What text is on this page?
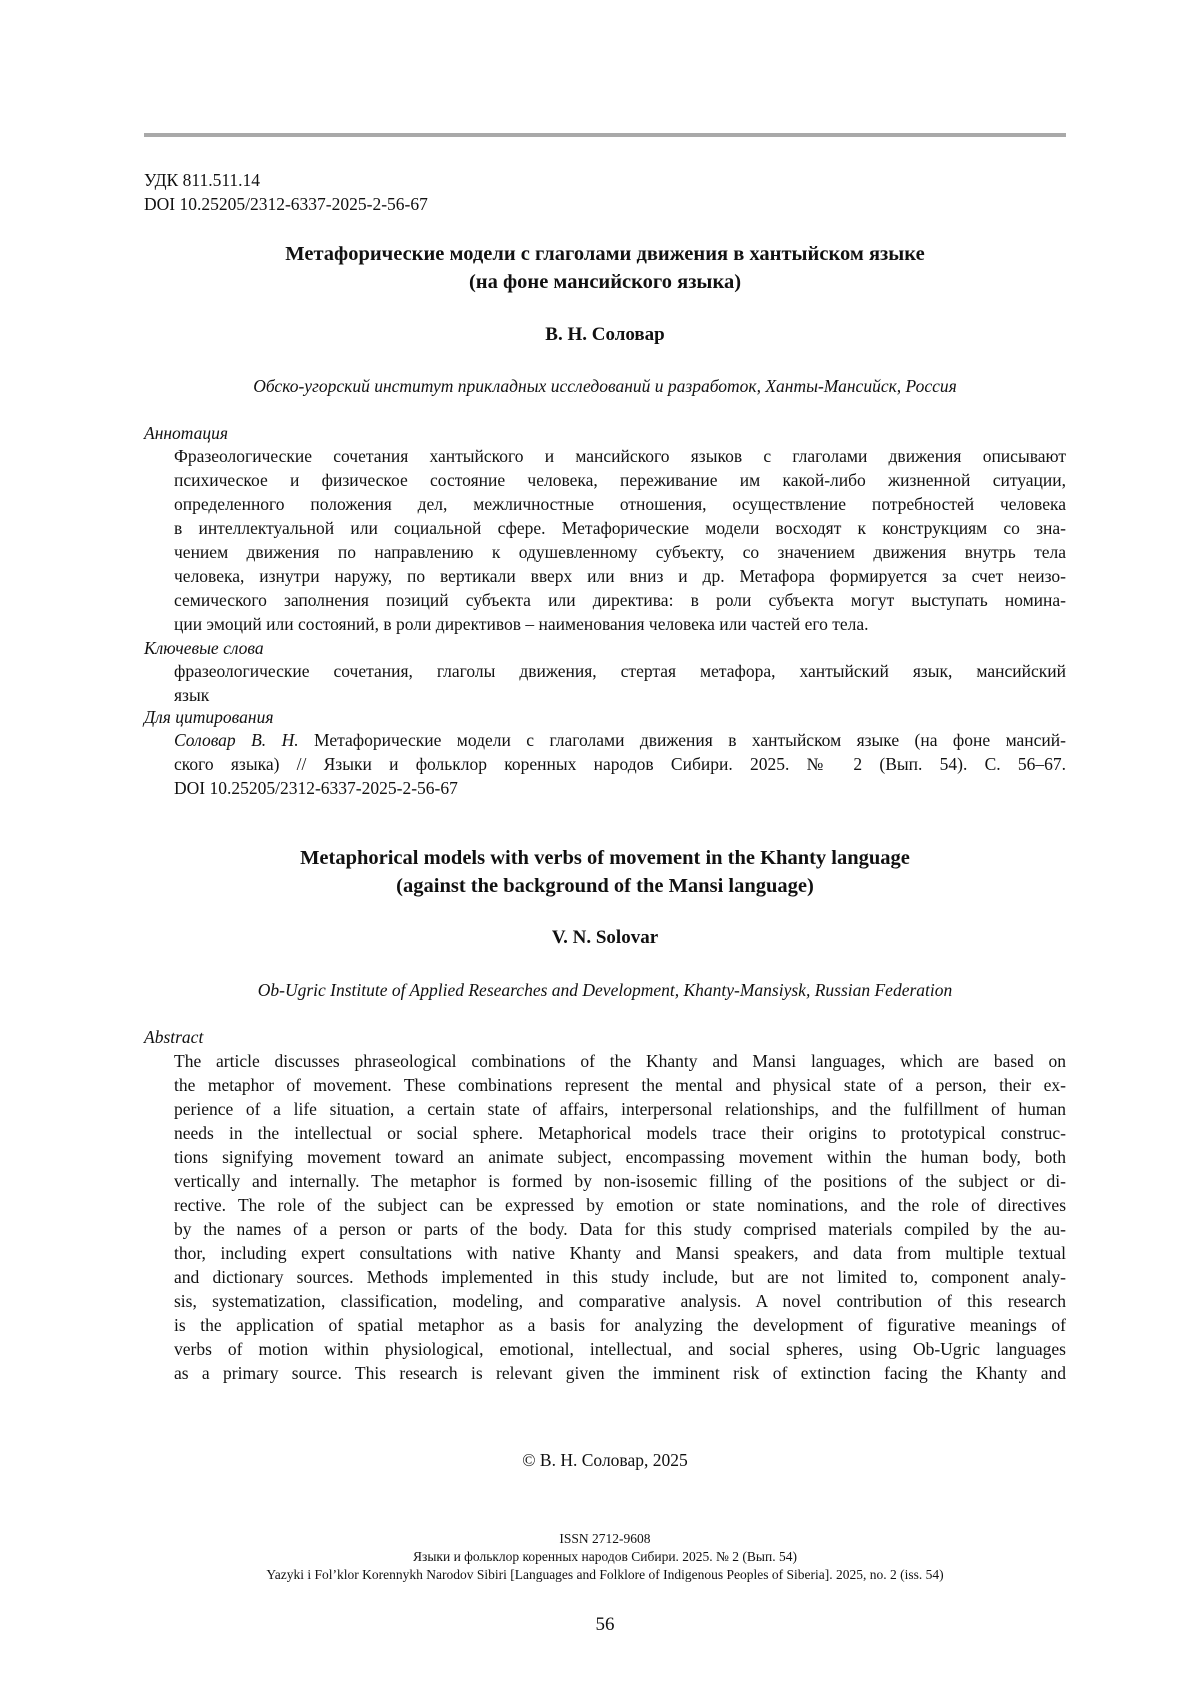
УДК 811.511.14
DOI 10.25205/2312-6337-2025-2-56-67
Метафорические модели с глаголами движения в хантыйском языке
(на фоне мансийского языка)
В. Н. Соловар
Обско-угорский институт прикладных исследований и разработок, Ханты-Мансийск, Россия
Аннотация
Фразеологические сочетания хантыйского и мансийского языков с глаголами движения описывают
психическое и физическое состояние человека, переживание им какой-либо жизненной ситуации,
определенного положения дел, межличностные отношения, осуществление потребностей человека
в интеллектуальной или социальной сфере. Метафорические модели восходят к конструкциям со зна-
чением движения по направлению к одушевленному субъекту, со значением движения внутрь тела
человека, изнутри наружу, по вертикали вверх или вниз и др. Метафора формируется за счет неизо-
семического заполнения позиций субъекта или директива: в роли субъекта могут выступать номина-
ции эмоций или состояний, в роли директивов – наименования человека или частей его тела.
Ключевые слова
фразеологические сочетания, глаголы движения, стертая метафора, хантыйский язык, мансийский
язык
Для цитирования
Соловар В. Н. Метафорические модели с глаголами движения в хантыйском языке (на фоне мансий-
ского языка) // Языки и фольклор коренных народов Сибири. 2025. № 2 (Вып. 54). С. 56–67.
DOI 10.25205/2312-6337-2025-2-56-67
Metaphorical models with verbs of movement in the Khanty language
(against the background of the Mansi language)
V. N. Solovar
Ob-Ugric Institute of Applied Researches and Development, Khanty-Mansiysk, Russian Federation
Abstract
The article discusses phraseological combinations of the Khanty and Mansi languages, which are based on
the metaphor of movement. These combinations represent the mental and physical state of a person, their ex-
perience of a life situation, a certain state of affairs, interpersonal relationships, and the fulfillment of human
needs in the intellectual or social sphere. Metaphorical models trace their origins to prototypical construc-
tions signifying movement toward an animate subject, encompassing movement within the human body, both
vertically and internally. The metaphor is formed by non-isosemic filling of the positions of the subject or di-
rective. The role of the subject can be expressed by emotion or state nominations, and the role of directives
by the names of a person or parts of the body. Data for this study comprised materials compiled by the au-
thor, including expert consultations with native Khanty and Mansi speakers, and data from multiple textual
and dictionary sources. Methods implemented in this study include, but are not limited to, component analy-
sis, systematization, classification, modeling, and comparative analysis. A novel contribution of this research
is the application of spatial metaphor as a basis for analyzing the development of figurative meanings of
verbs of motion within physiological, emotional, intellectual, and social spheres, using Ob-Ugric languages
as a primary source. This research is relevant given the imminent risk of extinction facing the Khanty and
© В. Н. Соловар, 2025
ISSN 2712-9608
Языки и фольклор коренных народов Сибири. 2025. № 2 (Вып. 54)
Yazyki i Fol’klor Korennykh Narodov Sibiri [Languages and Folklore of Indigenous Peoples of Siberia]. 2025, no. 2 (iss. 54)
56
